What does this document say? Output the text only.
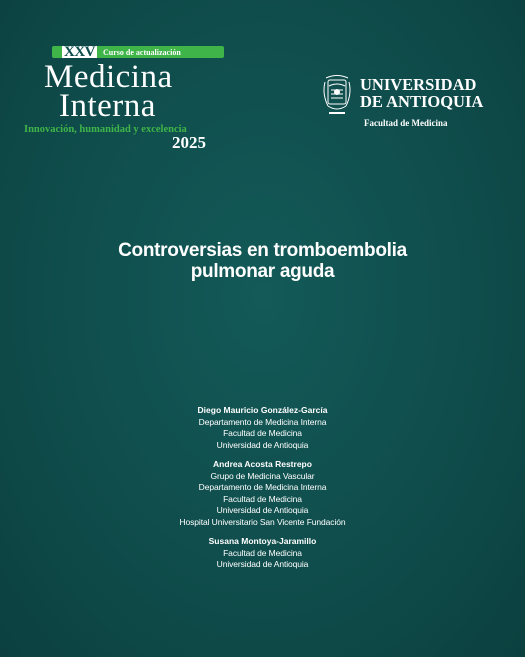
XXV Curso de actualización
Medicina
Interna
Innovación, humanidad y excelencia
2025
UNIVERSIDAD
DE ANTIOQUIA
Facultad de Medicina
Controversias en tromboembolia
pulmonar aguda
Diego Mauricio González-García
Departamento de Medicina Interna
Facultad de Medicina
Universidad de Antioquia
Andrea Acosta Restrepo
Grupo de Medicina Vascular
Departamento de Medicina Interna
Facultad de Medicina
Universidad de Antioquia
Hospital Universitario San Vicente Fundación
Susana Montoya-Jaramillo
Facultad de Medicina
Universidad de Antioquia
